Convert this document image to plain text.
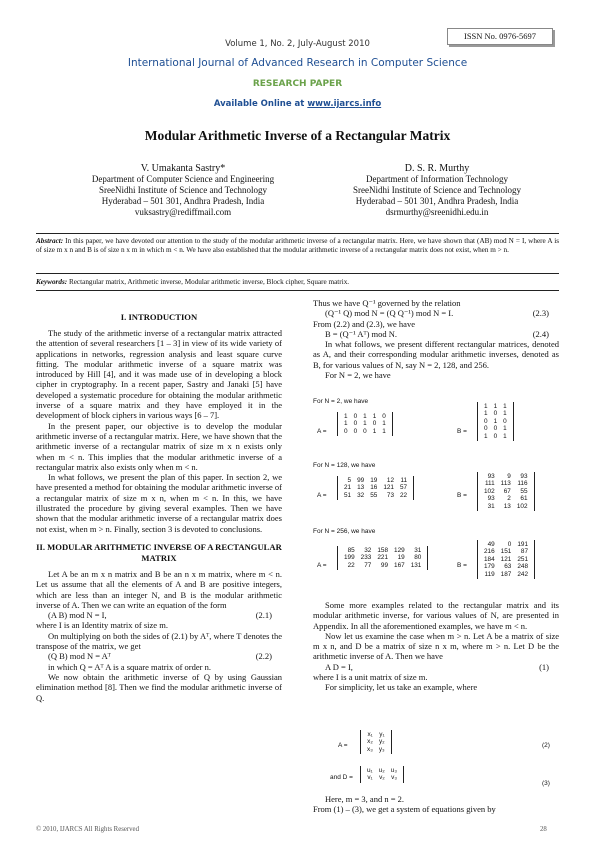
ISSN No. 0976-5697
Volume 1, No. 2, July-August 2010
International Journal of Advanced Research in Computer Science
RESEARCH PAPER
Available Online at www.ijarcs.info
Modular Arithmetic Inverse of a Rectangular Matrix
V. Umakanta Sastry*
Department of Computer Science and Engineering
SreeNidhi Institute of Science and Technology
Hyderabad – 501 301, Andhra Pradesh, India
vuksastry@rediffmail.com
D. S. R. Murthy
Department of Information Technology
SreeNidhi Institute of Science and Technology
Hyderabad – 501 301, Andhra Pradesh, India
dsrmurthy@sreenidhi.edu.in
Abstract: In this paper, we have devoted our attention to the study of the modular arithmetic inverse of a rectangular matrix. Here, we have shown that (AB) mod N = I, where A is of size m x n and B is of size n x m in which m < n. We have also established that the modular arithmetic inverse of a rectangular matrix does not exist, when m > n.
Keywords: Rectangular matrix, Arithmetic inverse, Modular arithmetic inverse, Block cipher, Square matrix.
I. INTRODUCTION

The study of the arithmetic inverse of a rectangular matrix attracted the attention of several researchers [1 – 3] in view of its wide variety of applications in networks, regression analysis and least square curve fitting. The modular arithmetic inverse of a square matrix was introduced by Hill [4], and it was made use of in developing a block cipher in cryptography. In a recent paper, Sastry and Janaki [5] have developed a systematic procedure for obtaining the modular arithmetic inverse of a square matrix and they have employed it in the development of block ciphers in various ways [6 – 7].

In the present paper, our objective is to develop the modular arithmetic inverse of a rectangular matrix. Here, we have shown that the arithmetic inverse of a rectangular matrix of size m x n exists only when m < n. This implies that the modular arithmetic inverse of a rectangular matrix also exists only when m < n.

In what follows, we present the plan of this paper. In section 2, we have presented a method for obtaining the modular arithmetic inverse of a rectangular matrix of size m x n, when m < n. In this, we have illustrated the procedure by giving several examples. Then we have shown that the modular arithmetic inverse of a rectangular matrix does not exist, when m > n. Finally, section 3 is devoted to conclusions.

II. MODULAR ARITHMETIC INVERSE OF A RECTANGULAR MATRIX

Let A be an m x n matrix and B be an n x m matrix, where m < n. Let us assume that all the elements of A and B are positive integers, which are less than an integer N, and B is the modular arithmetic inverse of A. Then we can write an equation of the form

(A B) mod N = I,	(2.1)

where I is an Identity matrix of size m.

On multiplying on both the sides of (2.1) by Aᵀ, where T denotes the transpose of the matrix, we get

(Q B) mod N = Aᵀ	(2.2)

in which Q = Aᵀ A is a square matrix of order n.

We now obtain the arithmetic inverse of Q by using Gaussian elimination method [8]. Then we find the modular arithmetic inverse of Q.

Thus we have Q⁻¹ governed by the relation

(Q⁻¹ Q) mod N = (Q Q⁻¹) mod N = I.	(2.3)

From (2.2) and (2.3), we have

B = (Q⁻¹ Aᵀ) mod N.	(2.4)

In what follows, we present different rectangular matrices, denoted as A, and their corresponding modular arithmetic inverses, denoted as B, for various values of N, say N = 2, 128, and 256.

For N = 2, we have

For N = 2, we have
A =
1	0	1	1	0
1	0	1	0	1
0	0	0	1	1	B =
1	1	1
1	0	1
0	1	0
0	0	1
1	0	1
For N = 128, we have
5	99	19	12	11
21	13	16	121	57
51	32	55	73	22
A =	B =
93	9	93
111	113	116
102	67	55
93	2	61
31	13	102
For N = 256, we have
85	32	158	129	31
199	233	221	19	80
22	77	99	167	131
A =	B =
49	0	191
216	151	87
184	121	251
179	63	248
119	187	242

Some more examples related to the rectangular matrix and its modular arithmetic inverse, for various values of N, are presented in Appendix. In all the aforementioned examples, we have m < n.

Now let us examine the case when m > n. Let A be a matrix of size m x n, and D be a matrix of size n x m, where m > n. Let D be the arithmetic inverse of A. Then we have

A D = I,	(1)

where I is a unit matrix of size m.

For simplicity, let us take an example, where

A =
x₁	y₁
x₂	y₂
x₃	y₃
(2)
and D =
u₁	u₂	u₃
v₁	v₂	v₃
(3)

Here, m = 3, and n = 2.

From (1) – (3), we get a system of equations given by

© 2010, IJARCS All Rights Reserved	28
